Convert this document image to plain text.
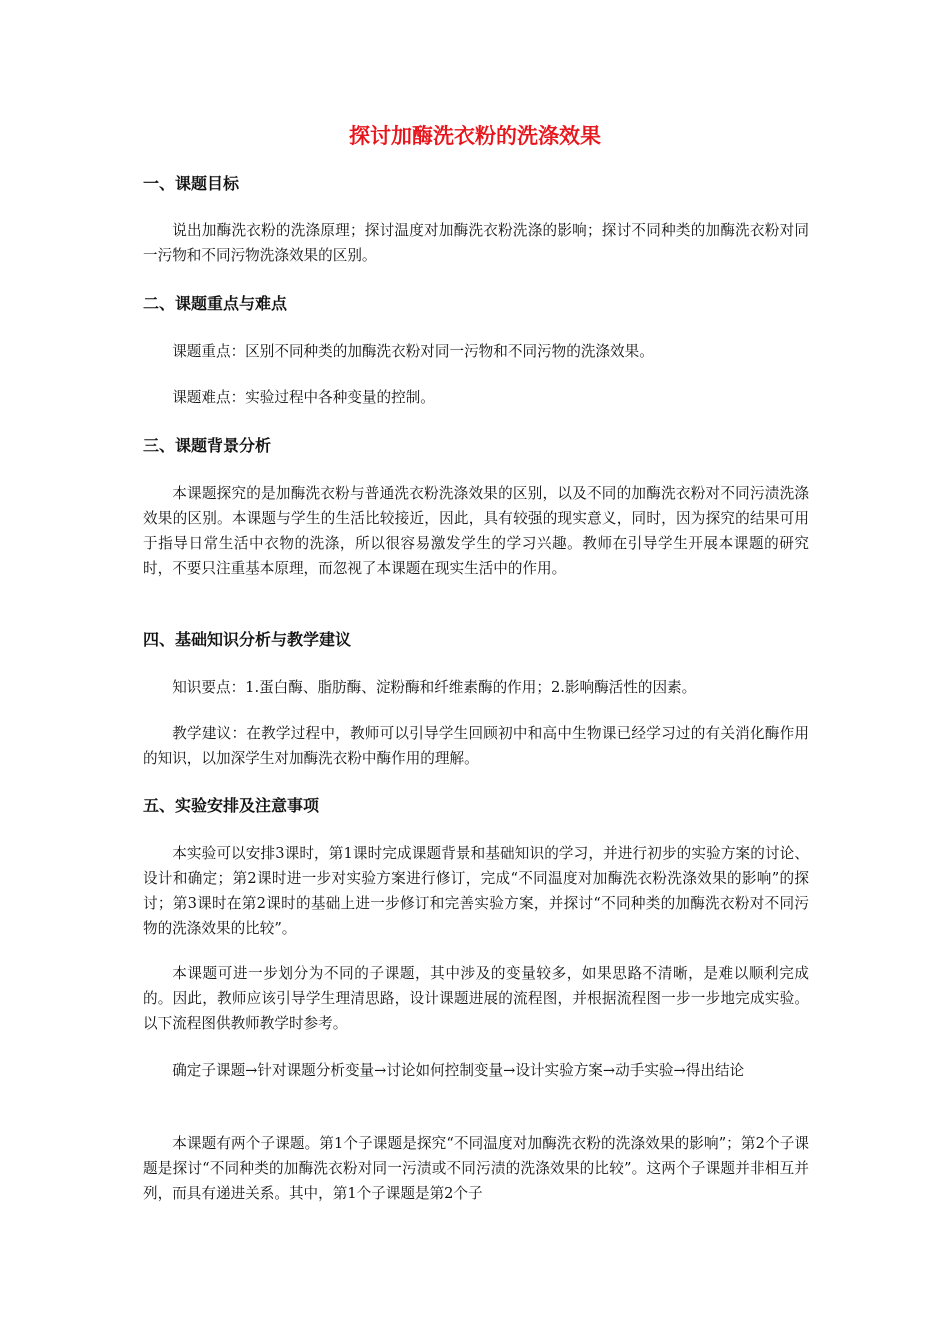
探讨加酶洗衣粉的洗涤效果
一、课题目标

说出加酶洗衣粉的洗涤原理；探讨温度对加酶洗衣粉洗涤的影响；探讨不同种类的加酶洗衣粉对同一污物和不同污物洗涤效果的区别。

二、课题重点与难点

课题重点：区别不同种类的加酶洗衣粉对同一污物和不同污物的洗涤效果。

课题难点：实验过程中各种变量的控制。

三、课题背景分析

本课题探究的是加酶洗衣粉与普通洗衣粉洗涤效果的区别，以及不同的加酶洗衣粉对不同污渍洗涤效果的区别。本课题与学生的生活比较接近，因此，具有较强的现实意义，同时，因为探究的结果可用于指导日常生活中衣物的洗涤，所以很容易激发学生的学习兴趣。教师在引导学生开展本课题的研究时，不要只注重基本原理，而忽视了本课题在现实生活中的作用。

四、基础知识分析与教学建议

知识要点：1.蛋白酶、脂肪酶、淀粉酶和纤维素酶的作用；2.影响酶活性的因素。

教学建议：在教学过程中，教师可以引导学生回顾初中和高中生物课已经学习过的有关消化酶作用的知识，以加深学生对加酶洗衣粉中酶作用的理解。

五、实验安排及注意事项

本实验可以安排3课时，第1课时完成课题背景和基础知识的学习，并进行初步的实验方案的讨论、设计和确定；第2课时进一步对实验方案进行修订，完成“不同温度对加酶洗衣粉洗涤效果的影响”的探讨；第3课时在第2课时的基础上进一步修订和完善实验方案，并探讨“不同种类的加酶洗衣粉对不同污物的洗涤效果的比较”。

本课题可进一步划分为不同的子课题，其中涉及的变量较多，如果思路不清晰，是难以顺利完成的。因此，教师应该引导学生理清思路，设计课题进展的流程图，并根据流程图一步一步地完成实验。以下流程图供教师教学时参考。

确定子课题→针对课题分析变量→讨论如何控制变量→设计实验方案→动手实验→得出结论

本课题有两个子课题。第1个子课题是探究“不同温度对加酶洗衣粉的洗涤效果的影响”；第2个子课题是探讨“不同种类的加酶洗衣粉对同一污渍或不同污渍的洗涤效果的比较”。这两个子课题并非相互并列，而具有递进关系。其中，第1个子课题是第2个子
